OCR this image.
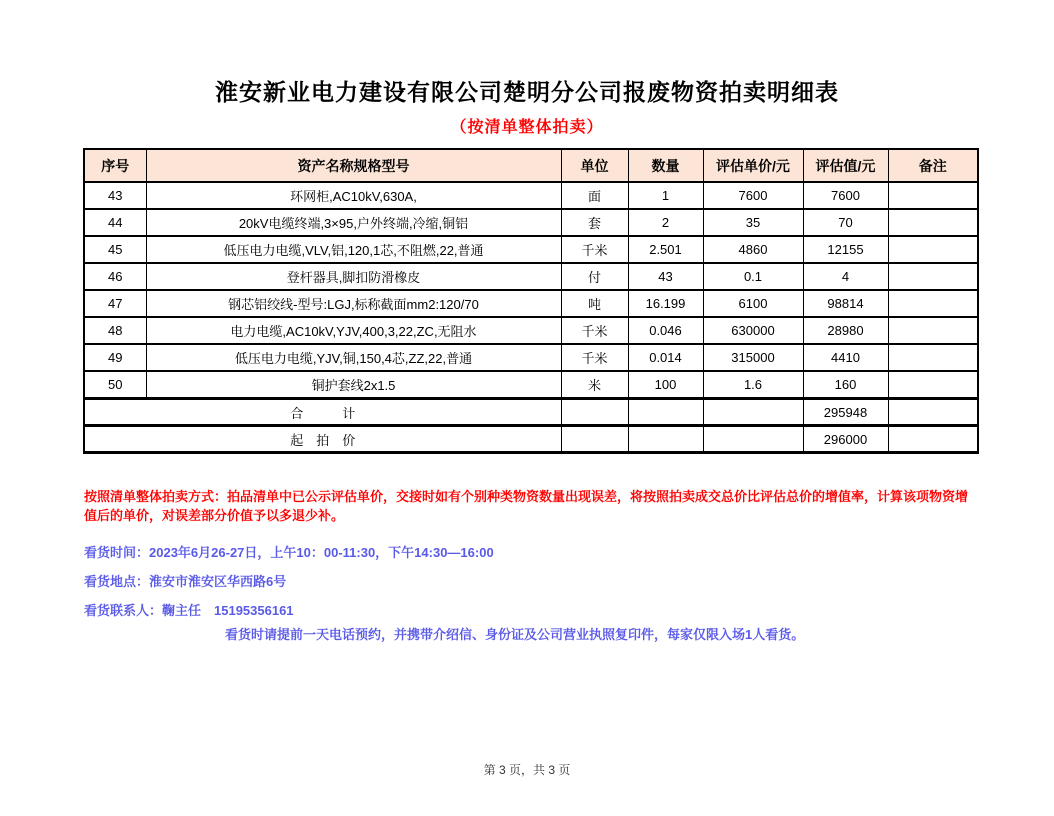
淮安新业电力建设有限公司楚明分公司报废物资拍卖明细表
（按清单整体拍卖）
序号	资产名称规格型号	单位	数量	评估单价/元	评估值/元	备注
43	环网柜,AC10kV,630A,	面	1	7600	7600	
44	20kV电缆终端,3×95,户外终端,冷缩,铜铝	套	2	35	70	
45	低压电力电缆,VLV,铝,120,1芯,不阻燃,22,普通	千米	2.501	4860	12155	
46	登杆器具,脚扣防滑橡皮	付	43	0.1	4	
47	钢芯铝绞线-型号:LGJ,标称截面mm2:120/70	吨	16.199	6100	98814	
48	电力电缆,AC10kV,YJV,400,3,22,ZC,无阻水	千米	0.046	630000	28980	
49	低压电力电缆,YJV,铜,150,4芯,ZZ,22,普通	千米	0.014	315000	4410	
50	铜护套线2x1.5	米	100	1.6	160	
合　　　计					295948	
起　拍　价					296000	
按照清单整体拍卖方式：拍品清单中已公示评估单价，交接时如有个别种类物资数量出现误差，将按照拍卖成交总价比评估总价的增值率，计算该项物资增值后的单价，对误差部分价值予以多退少补。
看货时间：2023年6月26-27日，上午10：00-11:30，下午14:30—16:00
看货地点：淮安市淮安区华西路6号
看货联系人：鞠主任　15195356161
看货时请提前一天电话预约，并携带介绍信、身份证及公司营业执照复印件，每家仅限入场1人看货。
第 3 页，共 3 页
